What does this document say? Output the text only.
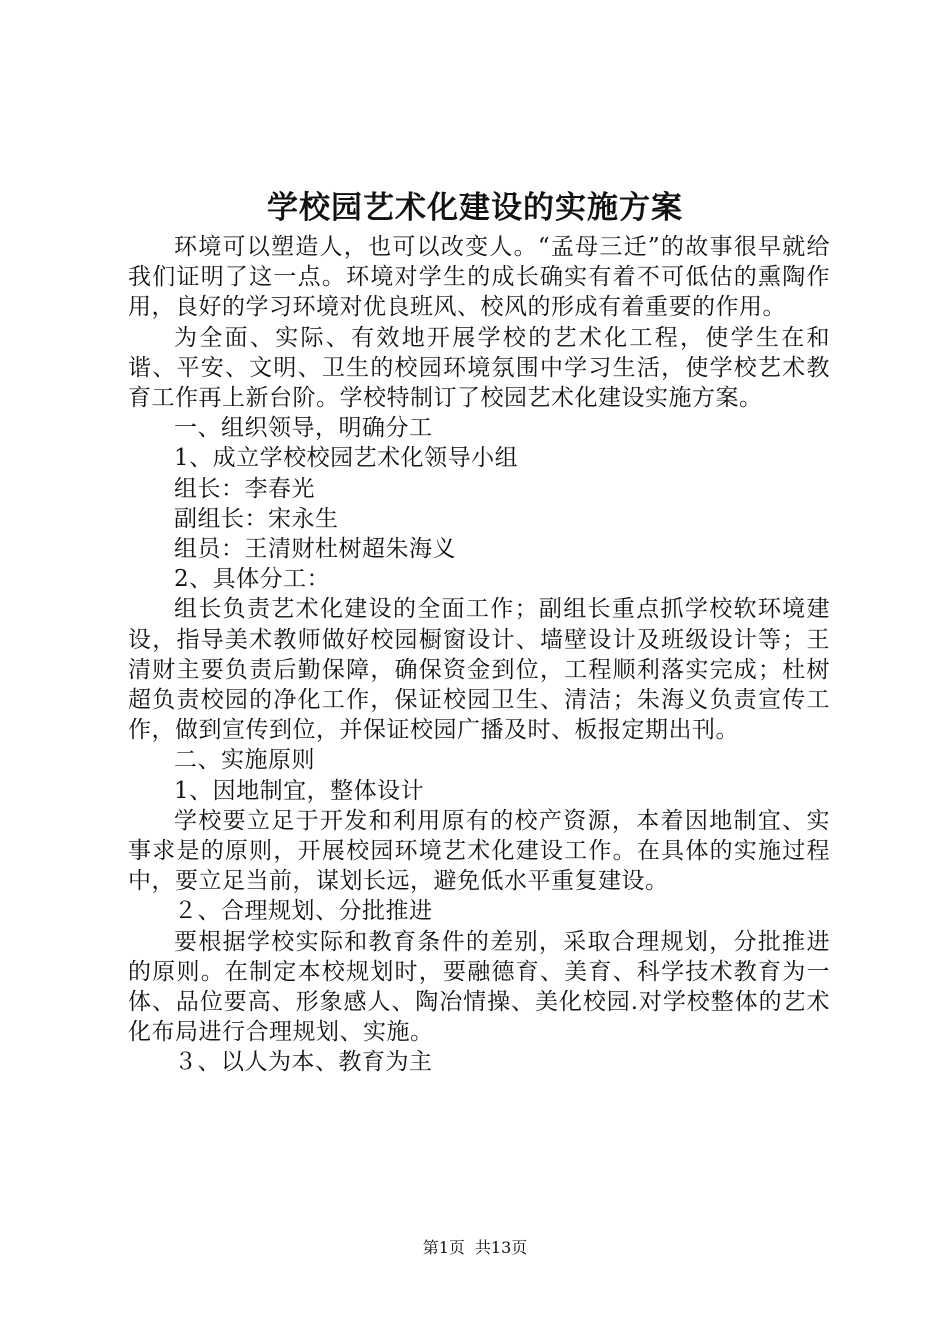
学校园艺术化建设的实施方案

环境可以塑造人，也可以改变人。“孟母三迁”的故事很早就给我们证明了这一点。环境对学生的成长确实有着不可低估的熏陶作用，良好的学习环境对优良班风、校风的形成有着重要的作用。

为全面、实际、有效地开展学校的艺术化工程，使学生在和谐、平安、文明、卫生的校园环境氛围中学习生活，使学校艺术教育工作再上新台阶。学校特制订了校园艺术化建设实施方案。

一、组织领导，明确分工

1、成立学校校园艺术化领导小组

组长：李春光

副组长：宋永生

组员：王清财杜树超朱海义

2、具体分工：

组长负责艺术化建设的全面工作；副组长重点抓学校软环境建设，指导美术教师做好校园橱窗设计、墙壁设计及班级设计等；王清财主要负责后勤保障，确保资金到位，工程顺利落实完成；杜树超负责校园的净化工作，保证校园卫生、清洁；朱海义负责宣传工作，做到宣传到位，并保证校园广播及时、板报定期出刊。

二、实施原则

1、因地制宜，整体设计

学校要立足于开发和利用原有的校产资源，本着因地制宜、实事求是的原则，开展校园环境艺术化建设工作。在具体的实施过程中，要立足当前，谋划长远，避免低水平重复建设。

２、合理规划、分批推进

要根据学校实际和教育条件的差别，采取合理规划，分批推进的原则。在制定本校规划时，要融德育、美育、科学技术教育为一体、品位要高、形象感人、陶冶情操、美化校园.对学校整体的艺术化布局进行合理规划、实施。

３、以人为本、教育为主

第1页 共13页
